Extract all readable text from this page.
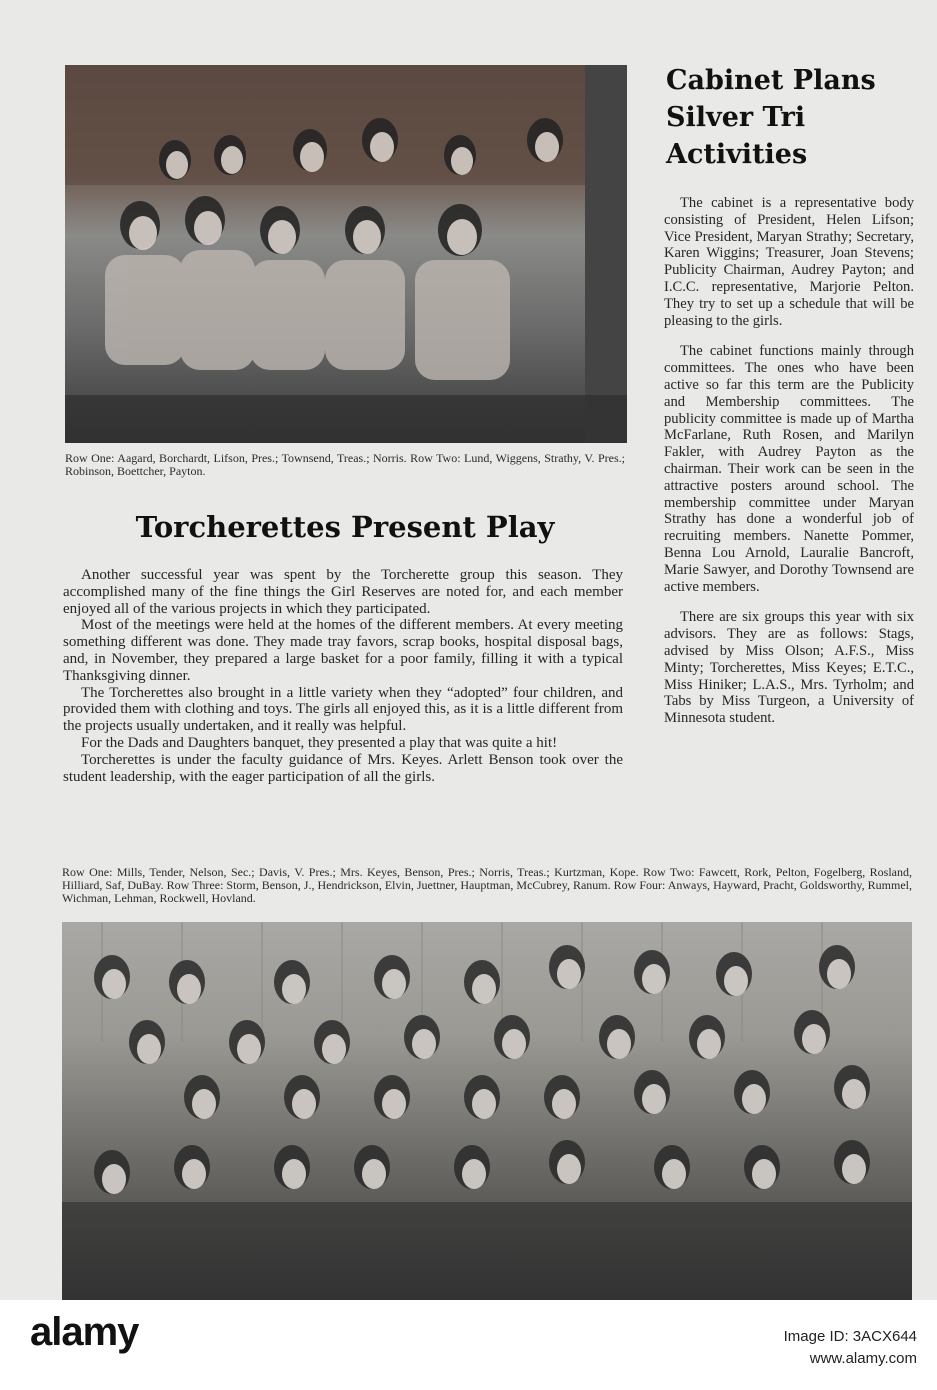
Row One: Aagard, Borchardt, Lifson, Pres.; Townsend, Treas.; Norris. Row Two: Lund, Wiggens, Strathy, V. Pres.; Robinson, Boettcher, Payton.
Torcherettes Present Play

Another successful year was spent by the Torcherette group this season. They accomplished many of the fine things the Girl Reserves are noted for, and each member enjoyed all of the various projects in which they participated.

Most of the meetings were held at the homes of the different members. At every meeting something different was done. They made tray favors, scrap books, hospital disposal bags, and, in November, they prepared a large basket for a poor family, filling it with a typical Thanksgiving dinner.

The Torcherettes also brought in a little variety when they “adopted” four children, and provided them with clothing and toys. The girls all enjoyed this, as it is a little different from the projects usually undertaken, and it really was helpful.

For the Dads and Daughters banquet, they presented a play that was quite a hit!

Torcherettes is under the faculty guidance of Mrs. Keyes. Arlett Benson took over the student leadership, with the eager participation of all the girls.

Cabinet Plans
Silver Tri
Activities

The cabinet is a representative body consisting of President, Helen Lifson; Vice President, Maryan Strathy; Secretary, Karen Wiggins; Treasurer, Joan Stevens; Publicity Chairman, Audrey Payton; and I.C.C. representative, Marjorie Pelton. They try to set up a schedule that will be pleasing to the girls.

The cabinet functions mainly through committees. The ones who have been active so far this term are the Publicity and Membership committees. The publicity committee is made up of Martha McFarlane, Ruth Rosen, and Marilyn Fakler, with Audrey Payton as the chairman. Their work can be seen in the attractive posters around school. The membership committee under Maryan Strathy has done a wonderful job of recruiting members. Nanette Pommer, Benna Lou Arnold, Lauralie Bancroft, Marie Sawyer, and Dorothy Townsend are active members.

There are six groups this year with six advisors. They are as follows: Stags, advised by Miss Olson; A.F.S., Miss Minty; Torcherettes, Miss Keyes; E.T.C., Miss Hiniker; L.A.S., Mrs. Tyrholm; and Tabs by Miss Turgeon, a University of Minnesota student.

Row One: Mills, Tender, Nelson, Sec.; Davis, V. Pres.; Mrs. Keyes, Benson, Pres.; Norris, Treas.; Kurtzman, Kope. Row Two: Fawcett, Rork, Pelton, Fogelberg, Rosland, Hilliard, Saf, DuBay. Row Three: Storm, Benson, J., Hendrickson, Elvin, Juettner, Hauptman, McCubrey, Ranum. Row Four: Anways, Hayward, Pracht, Goldsworthy, Rummel, Wichman, Lehman, Rockwell, Hovland.
alamy	Image ID: 3ACX644
www.alamy.com
